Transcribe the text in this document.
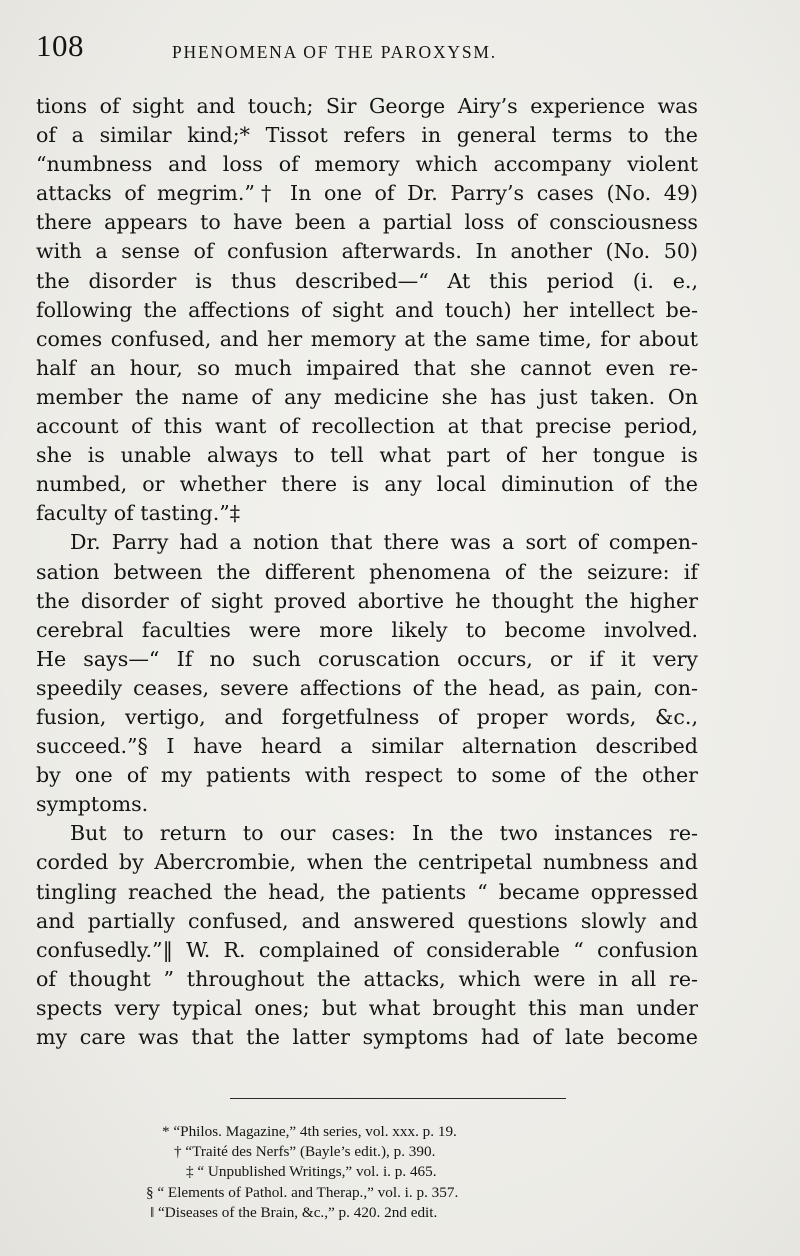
108	PHENOMENA OF THE PAROXYSM.
tions of sight and touch; Sir George Airy’s experience was
of a similar kind;* Tissot refers in general terms to the
“numbness and loss of memory which accompany violent
attacks of megrim.”† In one of Dr. Parry’s cases (No. 49)
there appears to have been a partial loss of consciousness
with a sense of confusion afterwards. In another (No. 50)
the disorder is thus described—“ At this period (i. e.,
following the affections of sight and touch) her intellect be-
comes confused, and her memory at the same time, for about
half an hour, so much impaired that she cannot even re-
member the name of any medicine she has just taken. On
account of this want of recollection at that precise period,
she is unable always to tell what part of her tongue is
numbed, or whether there is any local diminution of the
faculty of tasting.”‡
Dr. Parry had a notion that there was a sort of compen-
sation between the different phenomena of the seizure: if
the disorder of sight proved abortive he thought the higher
cerebral faculties were more likely to become involved.
He says—“ If no such coruscation occurs, or if it very
speedily ceases, severe affections of the head, as pain, con-
fusion, vertigo, and forgetfulness of proper words, &c.,
succeed.”§ I have heard a similar alternation described
by one of my patients with respect to some of the other
symptoms.
But to return to our cases: In the two instances re-
corded by Abercrombie, when the centripetal numbness and
tingling reached the head, the patients “ became oppressed
and partially confused, and answered questions slowly and
confusedly.”‖ W. R. complained of considerable “ confusion
of thought ” throughout the attacks, which were in all re-
spects very typical ones; but what brought this man under
my care was that the latter symptoms had of late become
* “Philos. Magazine,” 4th series, vol. xxx. p. 19.
† “Traité des Nerfs” (Bayle’s edit.), p. 390.
‡ “ Unpublished Writings,” vol. i. p. 465.
§ “ Elements of Pathol. and Therap.,” vol. i. p. 357.
‖ “Diseases of the Brain, &c.,” p. 420. 2nd edit.
